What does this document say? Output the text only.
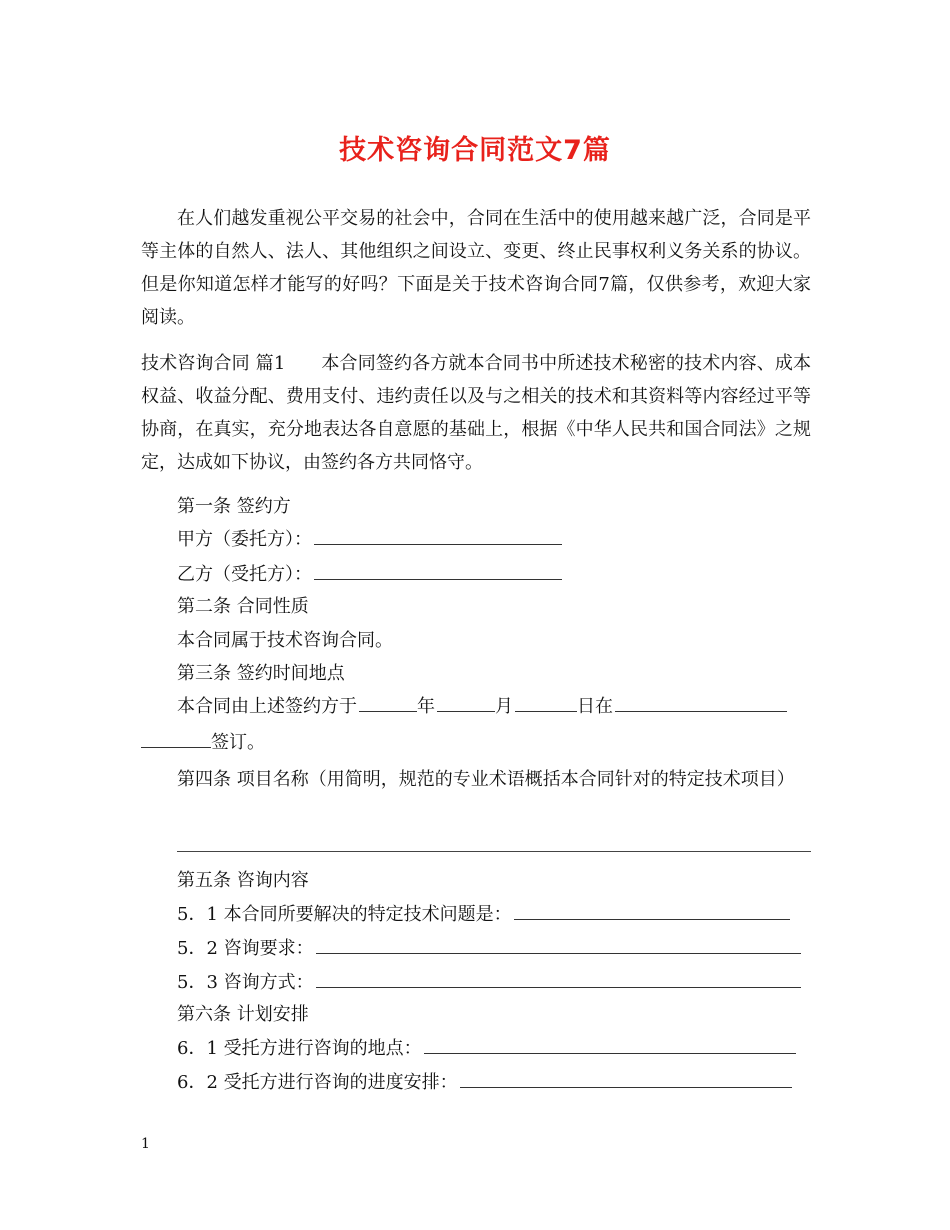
技术咨询合同范文7篇
在人们越发重视公平交易的社会中，合同在生活中的使用越来越广泛，合同是平等主体的自然人、法人、其他组织之间设立、变更、终止民事权利义务关系的协议。但是你知道怎样才能写的好吗？下面是关于技术咨询合同7篇，仅供参考，欢迎大家阅读。
技术咨询合同 篇1 本合同签约各方就本合同书中所述技术秘密的技术内容、成本权益、收益分配、费用支付、违约责任以及与之相关的技术和其资料等内容经过平等协商，在真实，充分地表达各自意愿的基础上，根据《中华人民共和国合同法》之规定，达成如下协议，由签约各方共同恪守。
第一条 签约方
甲方（委托方）：
乙方（受托方）：
第二条 合同性质
本合同属于技术咨询合同。
第三条 签约时间地点
本合同由上述签约方于	年	月	日在
签订。
第四条 项目名称（用简明，规范的专业术语概括本合同针对的特定技术项目）
第五条 咨询内容
5．1 本合同所要解决的特定技术问题是：
5．2 咨询要求：
5．3 咨询方式：
第六条 计划安排
6．1 受托方进行咨询的地点：
6．2 受托方进行咨询的进度安排：
1
